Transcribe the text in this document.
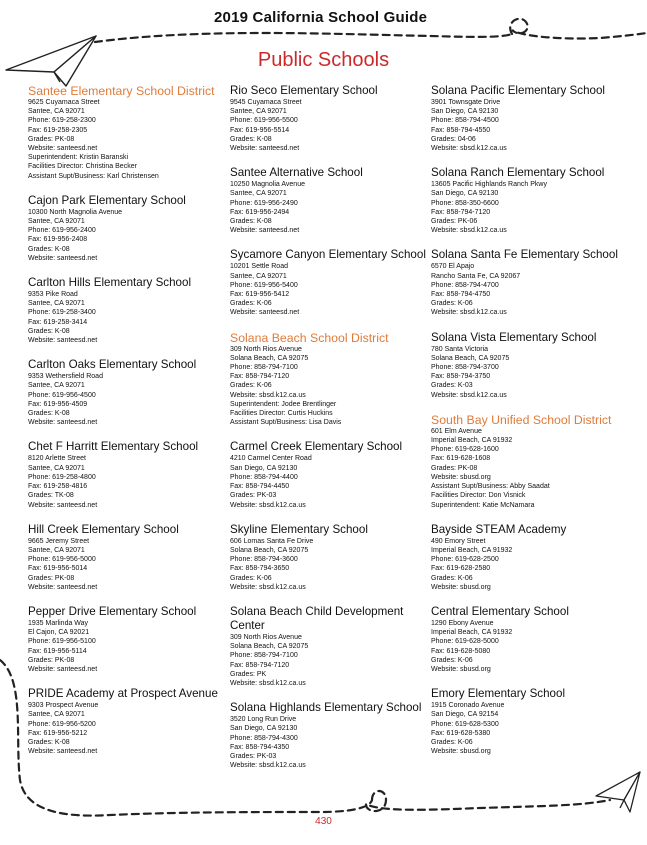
2019 California School Guide
Public Schools
Santee Elementary School District
9625 Cuyamaca Street
Santee, CA 92071
Phone: 619-258-2300
Fax: 619-258-2305
Grades: PK-08
Website: santeesd.net
Superintendent: Kristin Baranski
Facilities Director: Christina Becker
Assistant Supt/Business: Karl Christensen
Cajon Park Elementary School
10300 North Magnolia Avenue
Santee, CA 92071
Phone: 619-956-2400
Fax: 619-956-2408
Grades: K-08
Website: santeesd.net
Carlton Hills Elementary School
9353 Pike Road
Santee, CA 92071
Phone: 619-258-3400
Fax: 619-258-3414
Grades: K-08
Website: santeesd.net
Carlton Oaks Elementary School
9353 Wethersfield Road
Santee, CA 92071
Phone: 619-956-4500
Fax: 619-956-4509
Grades: K-08
Website: santeesd.net
Chet F Harritt Elementary School
8120 Arlette Street
Santee, CA 92071
Phone: 619-258-4800
Fax: 619-258-4816
Grades: TK-08
Website: santeesd.net
Hill Creek Elementary School
9665 Jeremy Street
Santee, CA 92071
Phone: 619-956-5000
Fax: 619-956-5014
Grades: PK-08
Website: santeesd.net
Pepper Drive Elementary School
1935 Marlinda Way
El Cajon, CA 92021
Phone: 619-956-5100
Fax: 619-956-5114
Grades: PK-08
Website: santeesd.net
PRIDE Academy at Prospect Avenue
9303 Prospect Avenue
Santee, CA 92071
Phone: 619-956-5200
Fax: 619-956-5212
Grades: K-08
Website: santeesd.net
Rio Seco Elementary School
9545 Cuyamaca Street
Santee, CA 92071
Phone: 619-956-5500
Fax: 619-956-5514
Grades: K-08
Website: santeesd.net
Santee Alternative School
10250 Magnolia Avenue
Santee, CA 92071
Phone: 619-956-2490
Fax: 619-956-2494
Grades: K-08
Website: santeesd.net
Sycamore Canyon Elementary School
10201 Settle Road
Santee, CA 92071
Phone: 619-956-5400
Fax: 619-956-5412
Grades: K-06
Website: santeesd.net
Solana Beach School District
309 North Rios Avenue
Solana Beach, CA 92075
Phone: 858-794-7100
Fax: 858-794-7120
Grades: K-06
Website: sbsd.k12.ca.us
Superintendent: Jodee Brentlinger
Facilities Director: Curtis Huckins
Assistant Supt/Business: Lisa Davis
Carmel Creek Elementary School
4210 Carmel Center Road
San Diego, CA 92130
Phone: 858-794-4400
Fax: 858-794-4450
Grades: PK-03
Website: sbsd.k12.ca.us
Skyline Elementary School
606 Lomas Santa Fe Drive
Solana Beach, CA 92075
Phone: 858-794-3600
Fax: 858-794-3650
Grades: K-06
Website: sbsd.k12.ca.us
Solana Beach Child Development Center
309 North Rios Avenue
Solana Beach, CA 92075
Phone: 858-794-7100
Fax: 858-794-7120
Grades: PK
Website: sbsd.k12.ca.us
Solana Highlands Elementary School
3520 Long Run Drive
San Diego, CA 92130
Phone: 858-794-4300
Fax: 858-794-4350
Grades: PK-03
Website: sbsd.k12.ca.us
Solana Pacific Elementary School
3901 Townsgate Drive
San Diego, CA 92130
Phone: 858-794-4500
Fax: 858-794-4550
Grades: 04-06
Website: sbsd.k12.ca.us
Solana Ranch Elementary School
13605 Pacific Highlands Ranch Pkwy
San Diego, CA 92130
Phone: 858-350-6600
Fax: 858-794-7120
Grades: PK-06
Website: sbsd.k12.ca.us
Solana Santa Fe Elementary School
6570 El Apajo
Rancho Santa Fe, CA 92067
Phone: 858-794-4700
Fax: 858-794-4750
Grades: K-06
Website: sbsd.k12.ca.us
Solana Vista Elementary School
780 Santa Victoria
Solana Beach, CA 92075
Phone: 858-794-3700
Fax: 858-794-3750
Grades: K-03
Website: sbsd.k12.ca.us
South Bay Unified School District
601 Elm Avenue
Imperial Beach, CA 91932
Phone: 619-628-1600
Fax: 619-628-1608
Grades: PK-08
Website: sbusd.org
Assistant Supt/Business: Abby Saadat
Facilities Director: Don Visnick
Superintendent: Katie McNamara
Bayside STEAM Academy
490 Emory Street
Imperial Beach, CA 91932
Phone: 619-628-2500
Fax: 619-628-2580
Grades: K-06
Website: sbusd.org
Central Elementary School
1290 Ebony Avenue
Imperial Beach, CA 91932
Phone: 619-628-5000
Fax: 619-628-5080
Grades: K-06
Website: sbusd.org
Emory Elementary School
1915 Coronado Avenue
San Diego, CA 92154
Phone: 619-628-5300
Fax: 619-628-5380
Grades: K-06
Website: sbusd.org
430
